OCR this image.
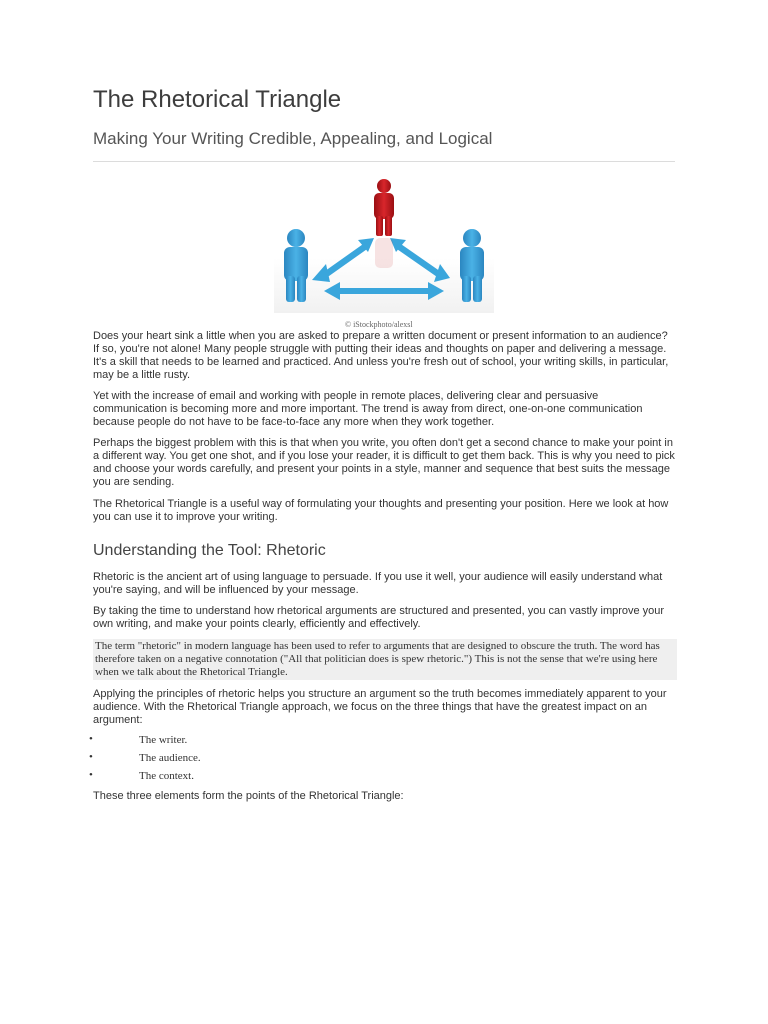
The Rhetorical Triangle
Making Your Writing Credible, Appealing, and Logical
© iStockphoto/alexsl

Does your heart sink a little when you are asked to prepare a written document or present information to an audience? If so, you're not alone! Many people struggle with putting their ideas and thoughts on paper and delivering a message. It's a skill that needs to be learned and practiced. And unless you're fresh out of school, your writing skills, in particular, may be a little rusty.

Yet with the increase of email and working with people in remote places, delivering clear and persuasive communication is becoming more and more important. The trend is away from direct, one-on-one communication because people do not have to be face-to-face any more when they work together.

Perhaps the biggest problem with this is that when you write, you often don't get a second chance to make your point in a different way. You get one shot, and if you lose your reader, it is difficult to get them back. This is why you need to pick and choose your words carefully, and present your points in a style, manner and sequence that best suits the message you are sending.

The Rhetorical Triangle is a useful way of formulating your thoughts and presenting your position. Here we look at how you can use it to improve your writing.

Understanding the Tool: Rhetoric

Rhetoric is the ancient art of using language to persuade. If you use it well, your audience will easily understand what you're saying, and will be influenced by your message.

By taking the time to understand how rhetorical arguments are structured and presented, you can vastly improve your own writing, and make your points clearly, efficiently and effectively.

The term "rhetoric" in modern language has been used to refer to arguments that are designed to obscure the truth. The word has therefore taken on a negative connotation ("All that politician does is spew rhetoric.") This is not the sense that we're using here when we talk about the Rhetorical Triangle.

Applying the principles of rhetoric helps you structure an argument so the truth becomes immediately apparent to your audience. With the Rhetorical Triangle approach, we focus on the three things that have the greatest impact on an argument:

•	The writer.
•	The audience.
•	The context.

These three elements form the points of the Rhetorical Triangle:
